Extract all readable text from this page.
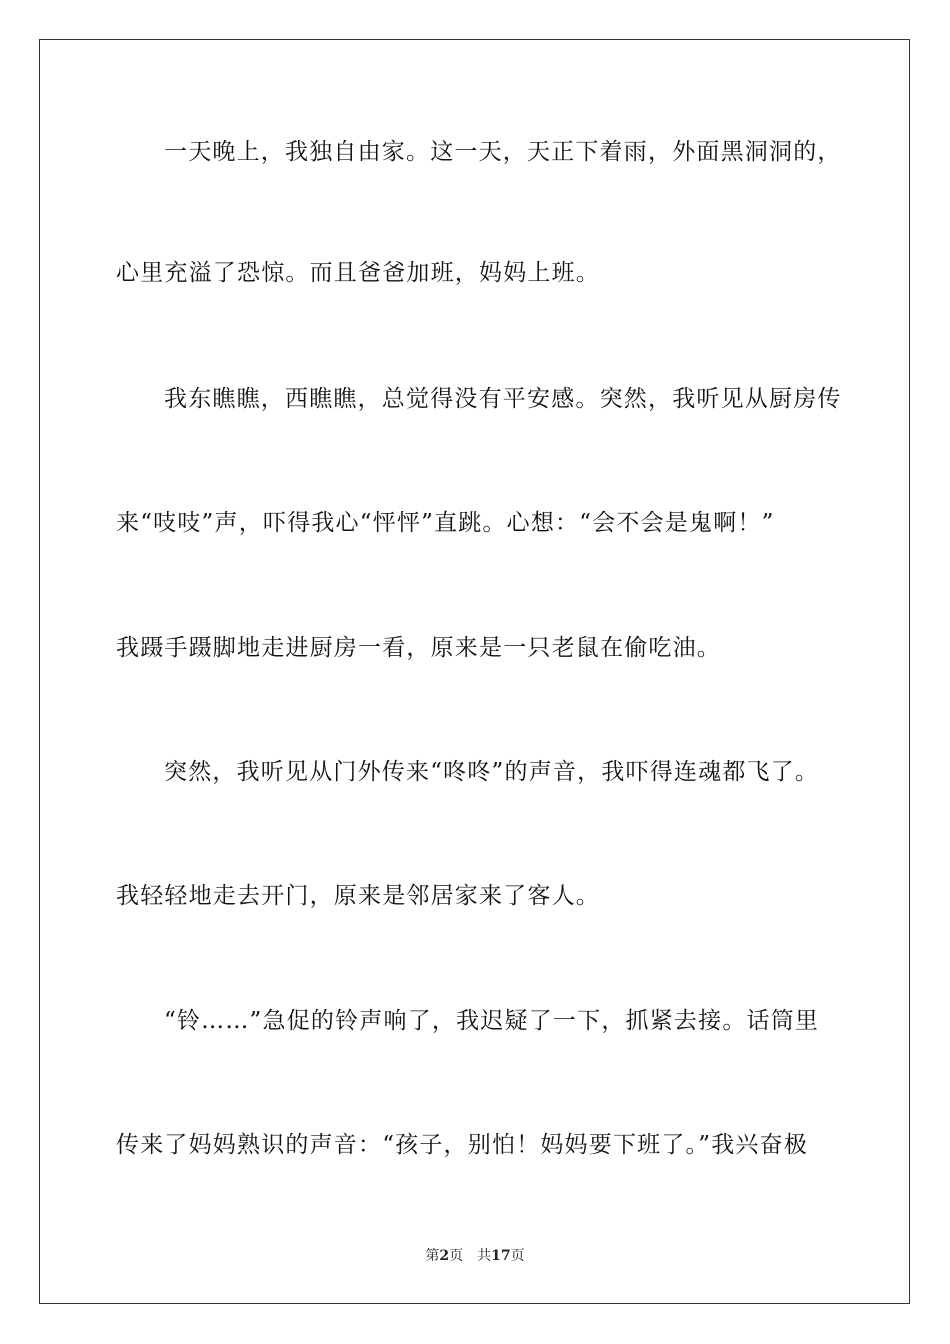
一天晚上，我独自由家。这一天，天正下着雨，外面黑洞洞的，
心里充溢了恐惊。而且爸爸加班，妈妈上班。
我东瞧瞧，西瞧瞧，总觉得没有平安感。突然，我听见从厨房传
来“吱吱”声，吓得我心“怦怦”直跳。心想：“会不会是鬼啊！”
我蹑手蹑脚地走进厨房一看，原来是一只老鼠在偷吃油。
突然，我听见从门外传来“咚咚”的声音，我吓得连魂都飞了。
我轻轻地走去开门，原来是邻居家来了客人。
“铃……”急促的铃声响了，我迟疑了一下，抓紧去接。话筒里
传来了妈妈熟识的声音：“孩子，别怕！妈妈要下班了。”我兴奋极
第2页 共17页
